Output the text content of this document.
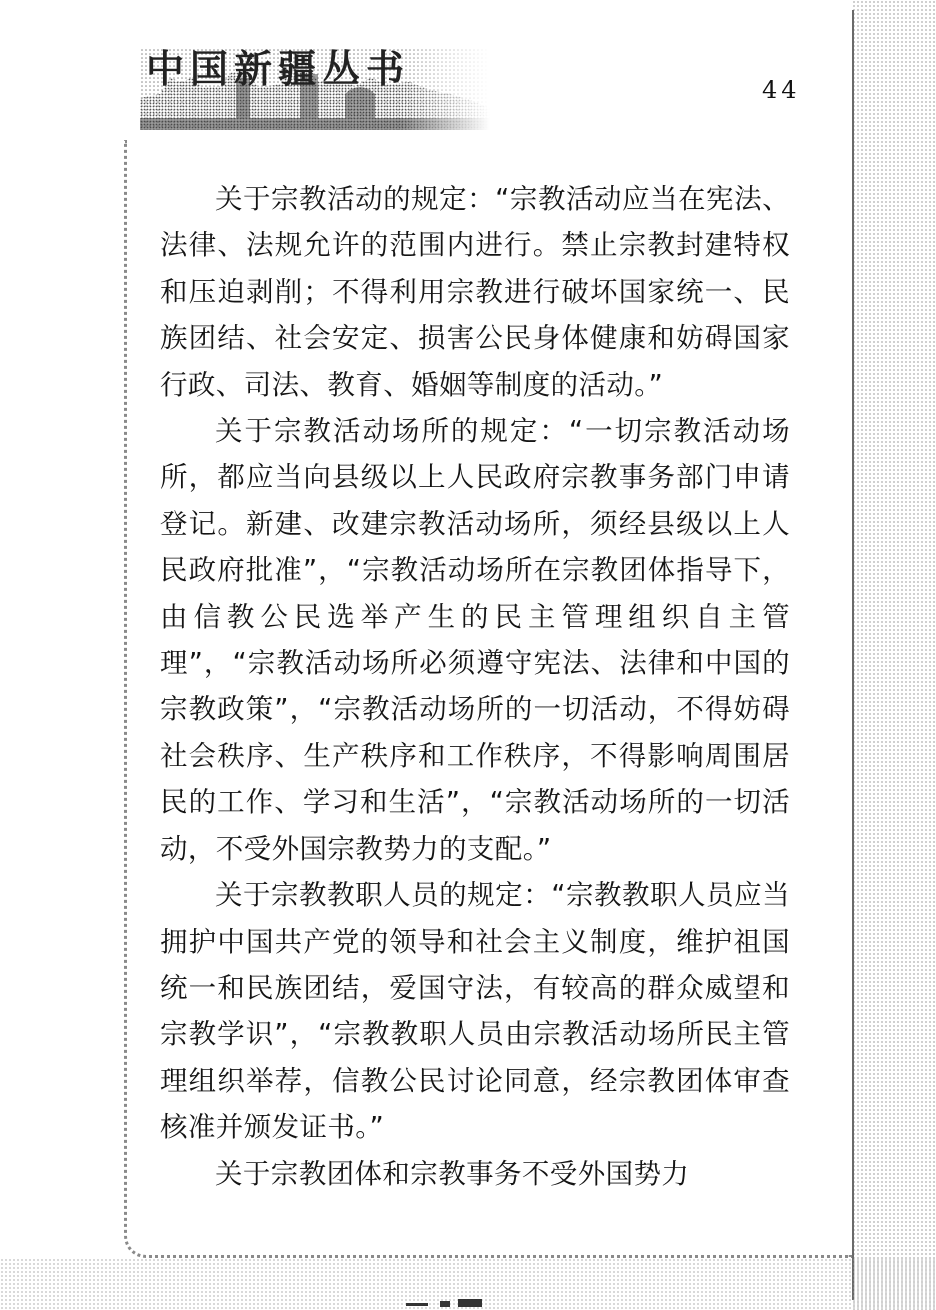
中国新疆丛书	44

关于宗教活动的规定：“宗教活动应当在宪法、法律、法规允许的范围内进行。禁止宗教封建特权和压迫剥削；不得利用宗教进行破坏国家统一、民族团结、社会安定、损害公民身体健康和妨碍国家行政、司法、教育、婚姻等制度的活动。”

关于宗教活动场所的规定：“一切宗教活动场所，都应当向县级以上人民政府宗教事务部门申请登记。新建、改建宗教活动场所，须经县级以上人民政府批准”，“宗教活动场所在宗教团体指导下，由信教公民选举产生的民主管理组织自主管理”，“宗教活动场所必须遵守宪法、法律和中国的宗教政策”，“宗教活动场所的一切活动，不得妨碍社会秩序、生产秩序和工作秩序，不得影响周围居民的工作、学习和生活”，“宗教活动场所的一切活动，不受外国宗教势力的支配。”

关于宗教教职人员的规定：“宗教教职人员应当拥护中国共产党的领导和社会主义制度，维护祖国统一和民族团结，爱国守法，有较高的群众威望和宗教学识”，“宗教教职人员由宗教活动场所民主管理组织举荐，信教公民讨论同意，经宗教团体审查核准并颁发证书。”

关于宗教团体和宗教事务不受外国势力
